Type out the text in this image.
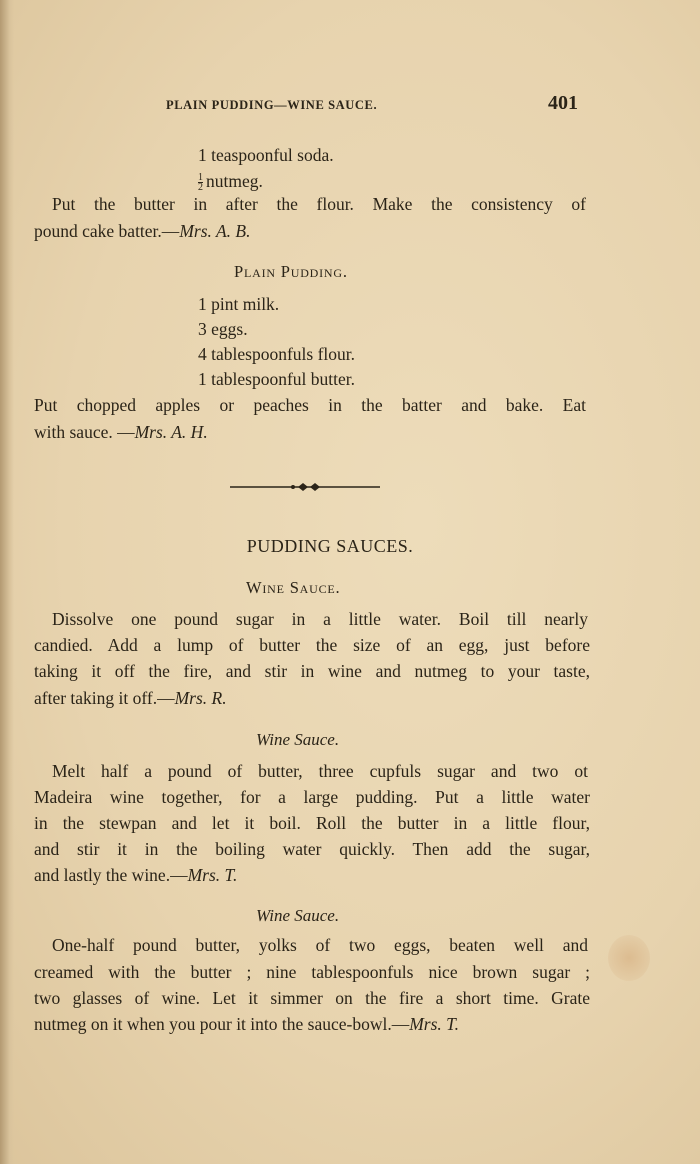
PLAIN PUDDING—WINE SAUCE.	401
1 teaspoonful soda.
$\frac{1}{2}$ nutmeg.
Put the butter in after the flour. Make the consistency of
pound cake batter.—Mrs. A. B.
Plain Pudding.
1 pint milk.
3 eggs.
4 tablespoonfuls flour.
1 tablespoonful butter.
Put chopped apples or peaches in the batter and bake. Eat
with sauce. —Mrs. A. H.
PUDDING SAUCES.
Wine Sauce.
Dissolve one pound sugar in a little water. Boil till nearly
candied. Add a lump of butter the size of an egg, just before
taking it off the fire, and stir in wine and nutmeg to your taste,
after taking it off.—Mrs. R.
Wine Sauce.
Melt half a pound of butter, three cupfuls sugar and two ot
Madeira wine together, for a large pudding. Put a little water
in the stewpan and let it boil. Roll the butter in a little flour,
and stir it in the boiling water quickly. Then add the sugar,
and lastly the wine.—Mrs. T.
Wine Sauce.
One-half pound butter, yolks of two eggs, beaten well and
creamed with the butter ; nine tablespoonfuls nice brown sugar ;
two glasses of wine. Let it simmer on the fire a short time. Grate
nutmeg on it when you pour it into the sauce-bowl.—Mrs. T.
